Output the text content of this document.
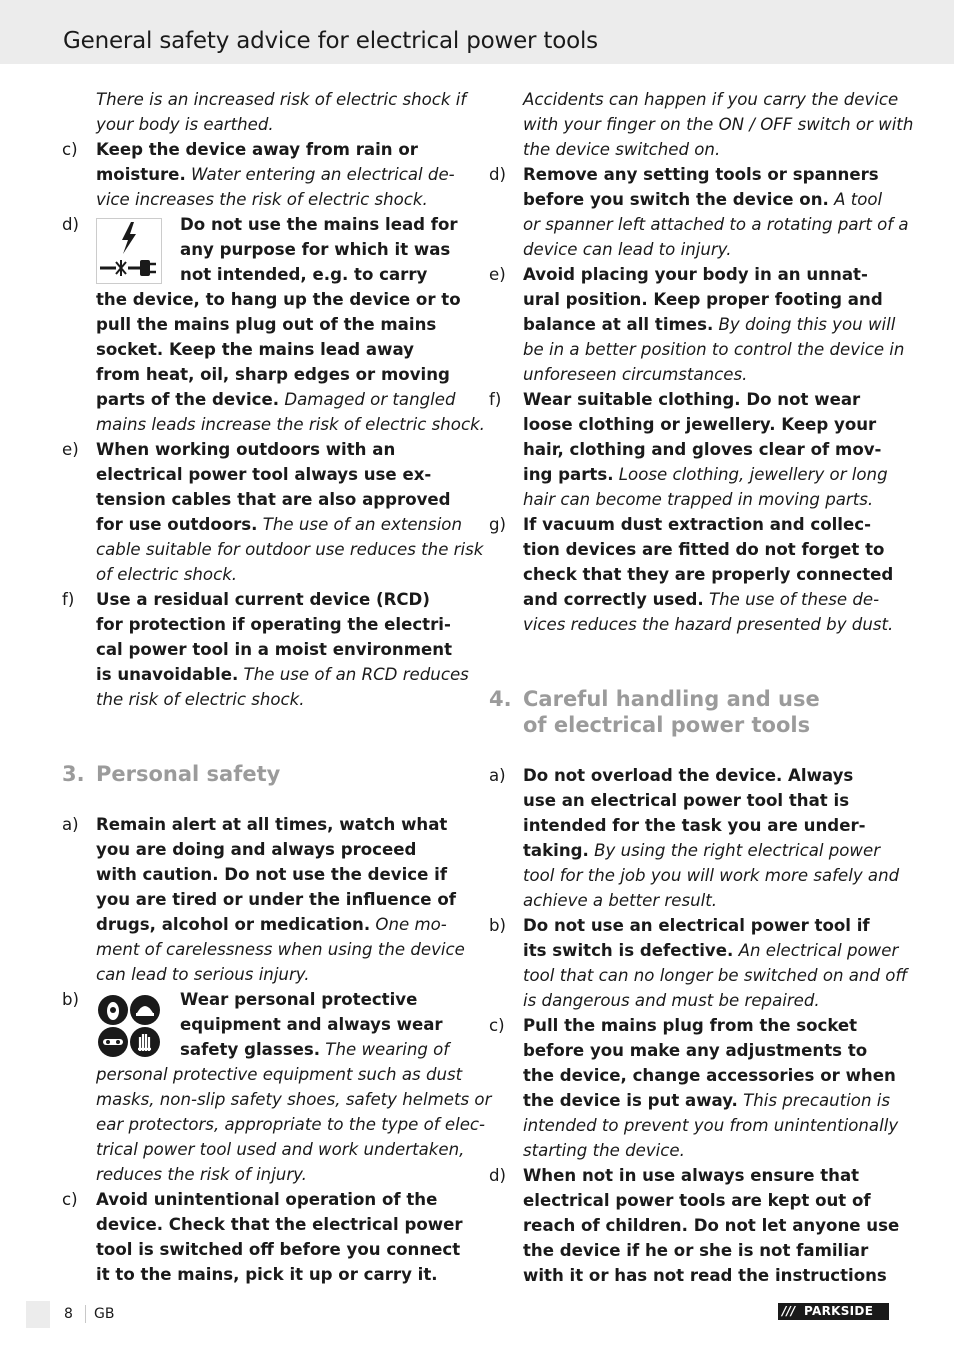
General safety advice for electrical power tools
There is an increased risk of electric shock if
your body is earthed.
c) Keep the device away from rain or
moisture. Water entering an electrical de-
vice increases the risk of electric shock.
d)	Do not use the mains lead for
any purpose for which it was
not intended, e.g. to carry
the device, to hang up the device or to
pull the mains plug out of the mains
socket. Keep the mains lead away
from heat, oil, sharp edges or moving
parts of the device. Damaged or tangled
mains leads increase the risk of electric shock.
e) When working outdoors with an
electrical power tool always use ex-
tension cables that are also approved
for use outdoors. The use of an extension
cable suitable for outdoor use reduces the risk
of electric shock.
f) Use a residual current device (RCD)
for protection if operating the electri-
cal power tool in a moist environment
is unavoidable. The use of an RCD reduces
the risk of electric shock.
3. Personal safety
a) Remain alert at all times, watch what
you are doing and always proceed
with caution. Do not use the device if
you are tired or under the influence of
drugs, alcohol or medication. One mo-
ment of carelessness when using the device
can lead to serious injury.
b)	Wear personal protective
equipment and always wear
safety glasses. The wearing of
personal protective equipment such as dust
masks, non-slip safety shoes, safety helmets or
ear protectors, appropriate to the type of elec-
trical power tool used and work undertaken,
reduces the risk of injury.
c) Avoid unintentional operation of the
device. Check that the electrical power
tool is switched off before you connect
it to the mains, pick it up or carry it.
Accidents can happen if you carry the device
with your finger on the ON / OFF switch or with
the device switched on.
d) Remove any setting tools or spanners
before you switch the device on. A tool
or spanner left attached to a rotating part of a
device can lead to injury.
e) Avoid placing your body in an unnat-
ural position. Keep proper footing and
balance at all times. By doing this you will
be in a better position to control the device in
unforeseen circumstances.
f) Wear suitable clothing. Do not wear
loose clothing or jewellery. Keep your
hair, clothing and gloves clear of mov-
ing parts. Loose clothing, jewellery or long
hair can become trapped in moving parts.
g) If vacuum dust extraction and collec-
tion devices are fitted do not forget to
check that they are properly connected
and correctly used. The use of these de-
vices reduces the hazard presented by dust.
4. Careful handling and use
of electrical power tools
a) Do not overload the device. Always
use an electrical power tool that is
intended for the task you are under-
taking. By using the right electrical power
tool for the job you will work more safely and
achieve a better result.
b) Do not use an electrical power tool if
its switch is defective. An electrical power
tool that can no longer be switched on and off
is dangerous and must be repaired.
c) Pull the mains plug from the socket
before you make any adjustments to
the device, change accessories or when
the device is put away. This precaution is
intended to prevent you from unintentionally
starting the device.
d) When not in use always ensure that
electrical power tools are kept out of
reach of children. Do not let anyone use
the device if he or she is not familiar
with it or has not read the instructions
8 GB	/// PARKSIDE
